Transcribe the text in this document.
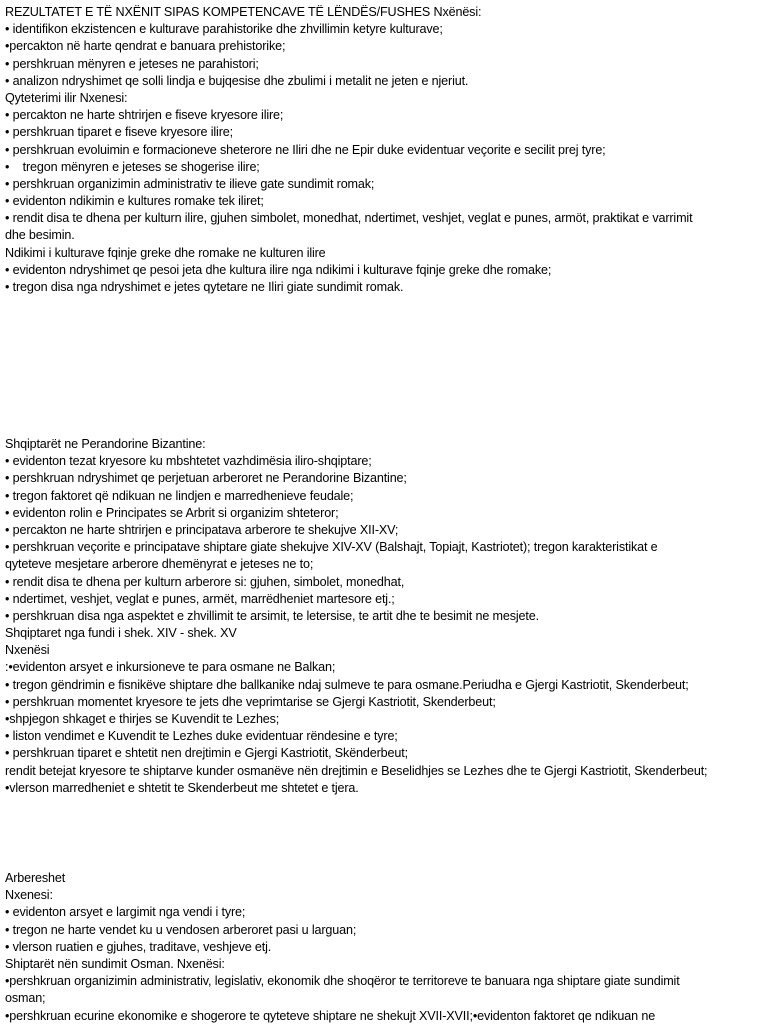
REZULTATET E TË NXËNIT SIPAS KOMPETENCAVE TË LËNDËS/FUSHES Nxënësi:
• identifikon ekzistencen e kulturave parahistorike dhe zhvillimin ketyre kulturave;
•percakton në harte qendrat e banuara prehistorike;
• pershkruan mënyren e jeteses ne parahistori;
• analizon ndryshimet qe solli lindja e bujqesise dhe zbulimi i metalit ne jeten e njeriut.
Qyteterimi ilir Nxenesi:
• percakton ne harte shtrirjen e fiseve kryesore ilire;
• pershkruan tiparet e fiseve kryesore ilire;
• pershkruan evoluimin e formacioneve sheterore ne Iliri dhe ne Epir duke evidentuar veçorite e secilit prej tyre;
•    tregon mënyren e jeteses se shogerise ilire;
• pershkruan organizimin administrativ te ilieve gate sundimit romak;
• evidenton ndikimin e kultures romake tek iliret;
• rendit disa te dhena per kulturn ilire, gjuhen simbolet, monedhat, ndertimet, veshjet, veglat e punes, armöt, praktikat e varrimit
dhe besimin.
Ndikimi i kulturave fqinje greke dhe romake ne kulturen ilire
• evidenton ndryshimet qe pesoi jeta dhe kultura ilire nga ndikimi i kulturave fqinje greke dhe romake;
• tregon disa nga ndryshimet e jetes qytetare ne Iliri giate sundimit romak.
Shqiptarët ne Perandorine Bizantine:
• evidenton tezat kryesore ku mbshtetet vazhdimësia iliro-shqiptare;
• pershkruan ndryshimet qe perjetuan arberoret ne Perandorine Bizantine;
• tregon faktoret që ndikuan ne lindjen e marredhenieve feudale;
• evidenton rolin e Principates se Arbrit si organizim shteteror;
• percakton ne harte shtrirjen e principatava arberore te shekujve XII-XV;
• pershkruan veçorite e principatave shiptare giate shekujve XIV-XV (Balshajt, Topiajt, Kastriotet); tregon karakteristikat e
qyteteve mesjetare arberore dhemënyrat e jeteses ne to;
• rendit disa te dhena per kulturn arberore si: gjuhen, simbolet, monedhat,
• ndertimet, veshjet, veglat e punes, armët, marrëdheniet martesore etj.;
• pershkruan disa nga aspektet e zhvillimit te arsimit, te letersise, te artit dhe te besimit ne mesjete.
Shqiptaret nga fundi i shek. XIV - shek. XV
Nxenësi
:•evidenton arsyet e inkursioneve te para osmane ne Balkan;
• tregon gëndrimin e fisnikëve shiptare dhe ballkanike ndaj sulmeve te para osmane.Periudha e Gjergi Kastriotit, Skenderbeut;
• pershkruan momentet kryesore te jets dhe veprimtarise se Gjergi Kastriotit, Skenderbeut;
•shpjegon shkaget e thirjes se Kuvendit te Lezhes;
• liston vendimet e Kuvendit te Lezhes duke evidentuar rëndesine e tyre;
• pershkruan tiparet e shtetit nen drejtimin e Gjergi Kastriotit, Skënderbeut;
rendit betejat kryesore te shiptarve kunder osmanëve nën drejtimin e Beselidhjes se Lezhes dhe te Gjergi Kastriotit, Skenderbeut;
•vlerson marredheniet e shtetit te Skenderbeut me shtetet e tjera.
Arbereshet
Nxenesi:
• evidenton arsyet e largimit nga vendi i tyre;
• tregon ne harte vendet ku u vendosen arberoret pasi u larguan;
• vlerson ruatien e gjuhes, traditave, veshjeve etj.
Shiptarët nën sundimit Osman. Nxenësi:
•pershkruan organizimin administrativ, legislativ, ekonomik dhe shoqëror te territoreve te banuara nga shiptare giate sundimit
osman;
•pershkruan ecurine ekonomike e shogerore te qyteteve shiptare ne shekujt XVII-XVII;•evidenton faktoret qe ndikuan ne
